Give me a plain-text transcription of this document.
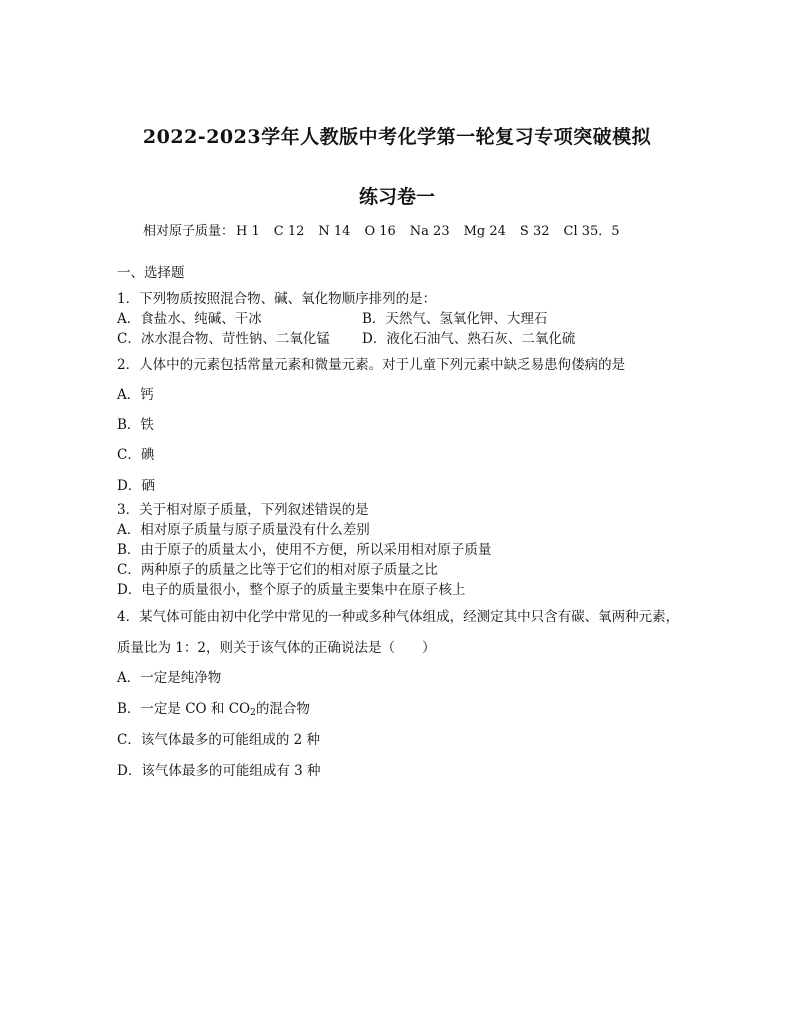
2022-2023学年人教版中考化学第一轮复习专项突破模拟
练习卷一
相对原子质量： H 1 C 12 N 14 O 16 Na 23 Mg 24 S 32 Cl 35．5
一、选择题
1．下列物质按照混合物、碱、氧化物顺序排列的是：
A．食盐水、纯碱、干冰	B．天然气、氢氧化钾、大理石
C．冰水混合物、苛性钠、二氧化锰 D．液化石油气、熟石灰、二氧化硫
2．人体中的元素包括常量元素和微量元素。对于儿童下列元素中缺乏易患佝偻病的是
A．钙
B．铁
C．碘
D．硒
3．关于相对原子质量，下列叙述错误的是
A．相对原子质量与原子质量没有什么差别
B．由于原子的质量太小，使用不方便，所以采用相对原子质量
C．两种原子的质量之比等于它们的相对原子质量之比
D．电子的质量很小，整个原子的质量主要集中在原子核上
4．某气体可能由初中化学中常见的一种或多种气体组成，经测定其中只含有碳、氧两种元素，
质量比为 1：2，则关于该气体的正确说法是（　　）
A．一定是纯净物
B．一定是 CO 和 $CO_2$的混合物
C．该气体最多的可能组成的 2 种
D．该气体最多的可能组成有 3 种
